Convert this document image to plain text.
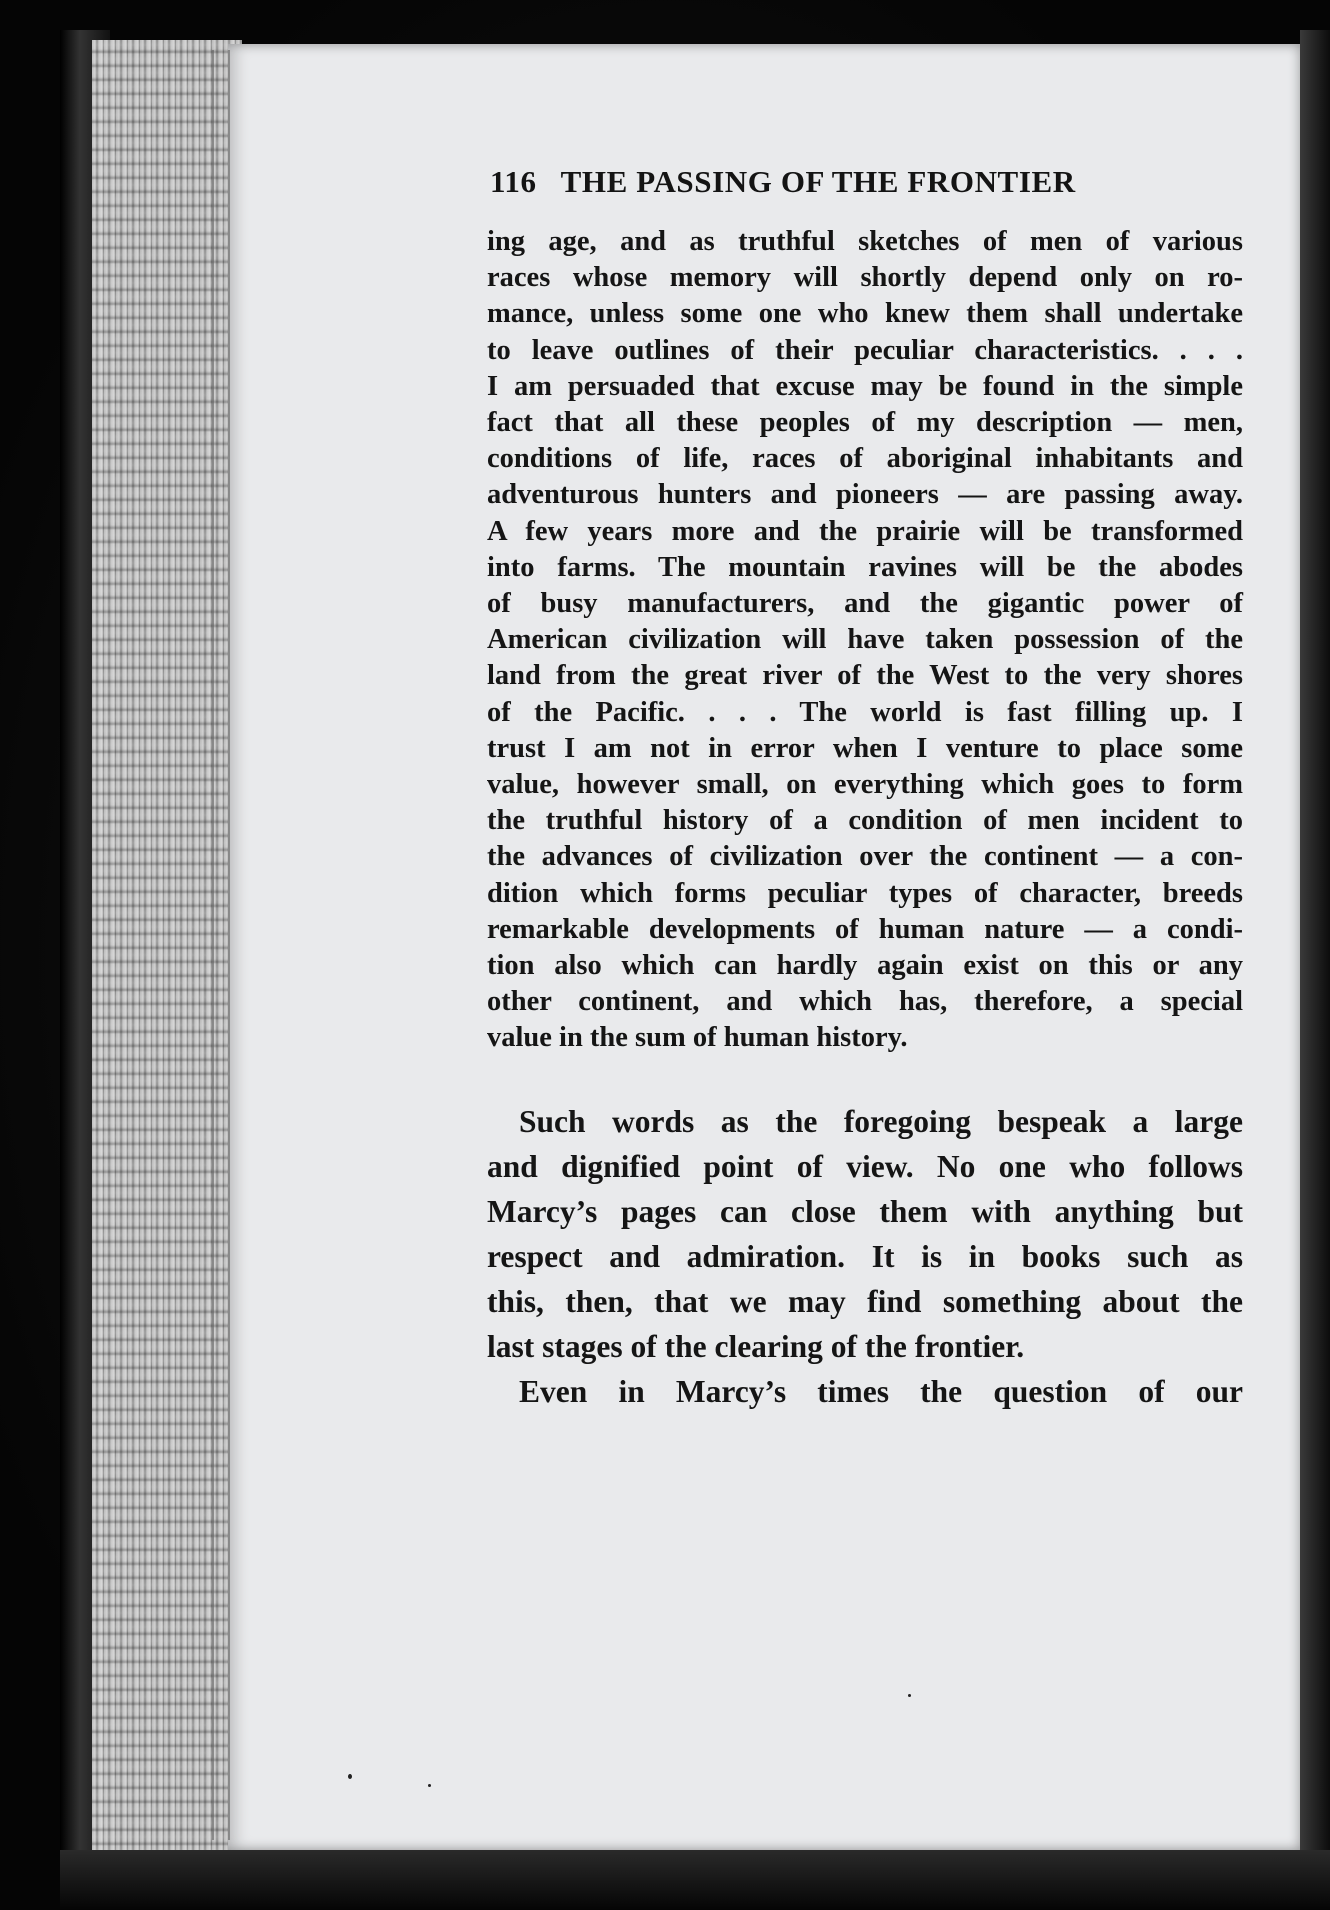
116 THE PASSING OF THE FRONTIER
ing age, and as truthful sketches of men of various
races whose memory will shortly depend only on ro-
mance, unless some one who knew them shall undertake
to leave outlines of their peculiar characteristics. . . .
I am persuaded that excuse may be found in the simple
fact that all these peoples of my description — men,
conditions of life, races of aboriginal inhabitants and
adventurous hunters and pioneers — are passing away.
A few years more and the prairie will be transformed
into farms. The mountain ravines will be the abodes
of busy manufacturers, and the gigantic power of
American civilization will have taken possession of the
land from the great river of the West to the very shores
of the Pacific. . . . The world is fast filling up. I
trust I am not in error when I venture to place some
value, however small, on everything which goes to form
the truthful history of a condition of men incident to
the advances of civilization over the continent — a con-
dition which forms peculiar types of character, breeds
remarkable developments of human nature — a condi-
tion also which can hardly again exist on this or any
other continent, and which has, therefore, a special
value in the sum of human history.
Such words as the foregoing bespeak a large
and dignified point of view. No one who follows
Marcy’s pages can close them with anything but
respect and admiration. It is in books such as
this, then, that we may find something about the
last stages of the clearing of the frontier.
Even in Marcy’s times the question of our
